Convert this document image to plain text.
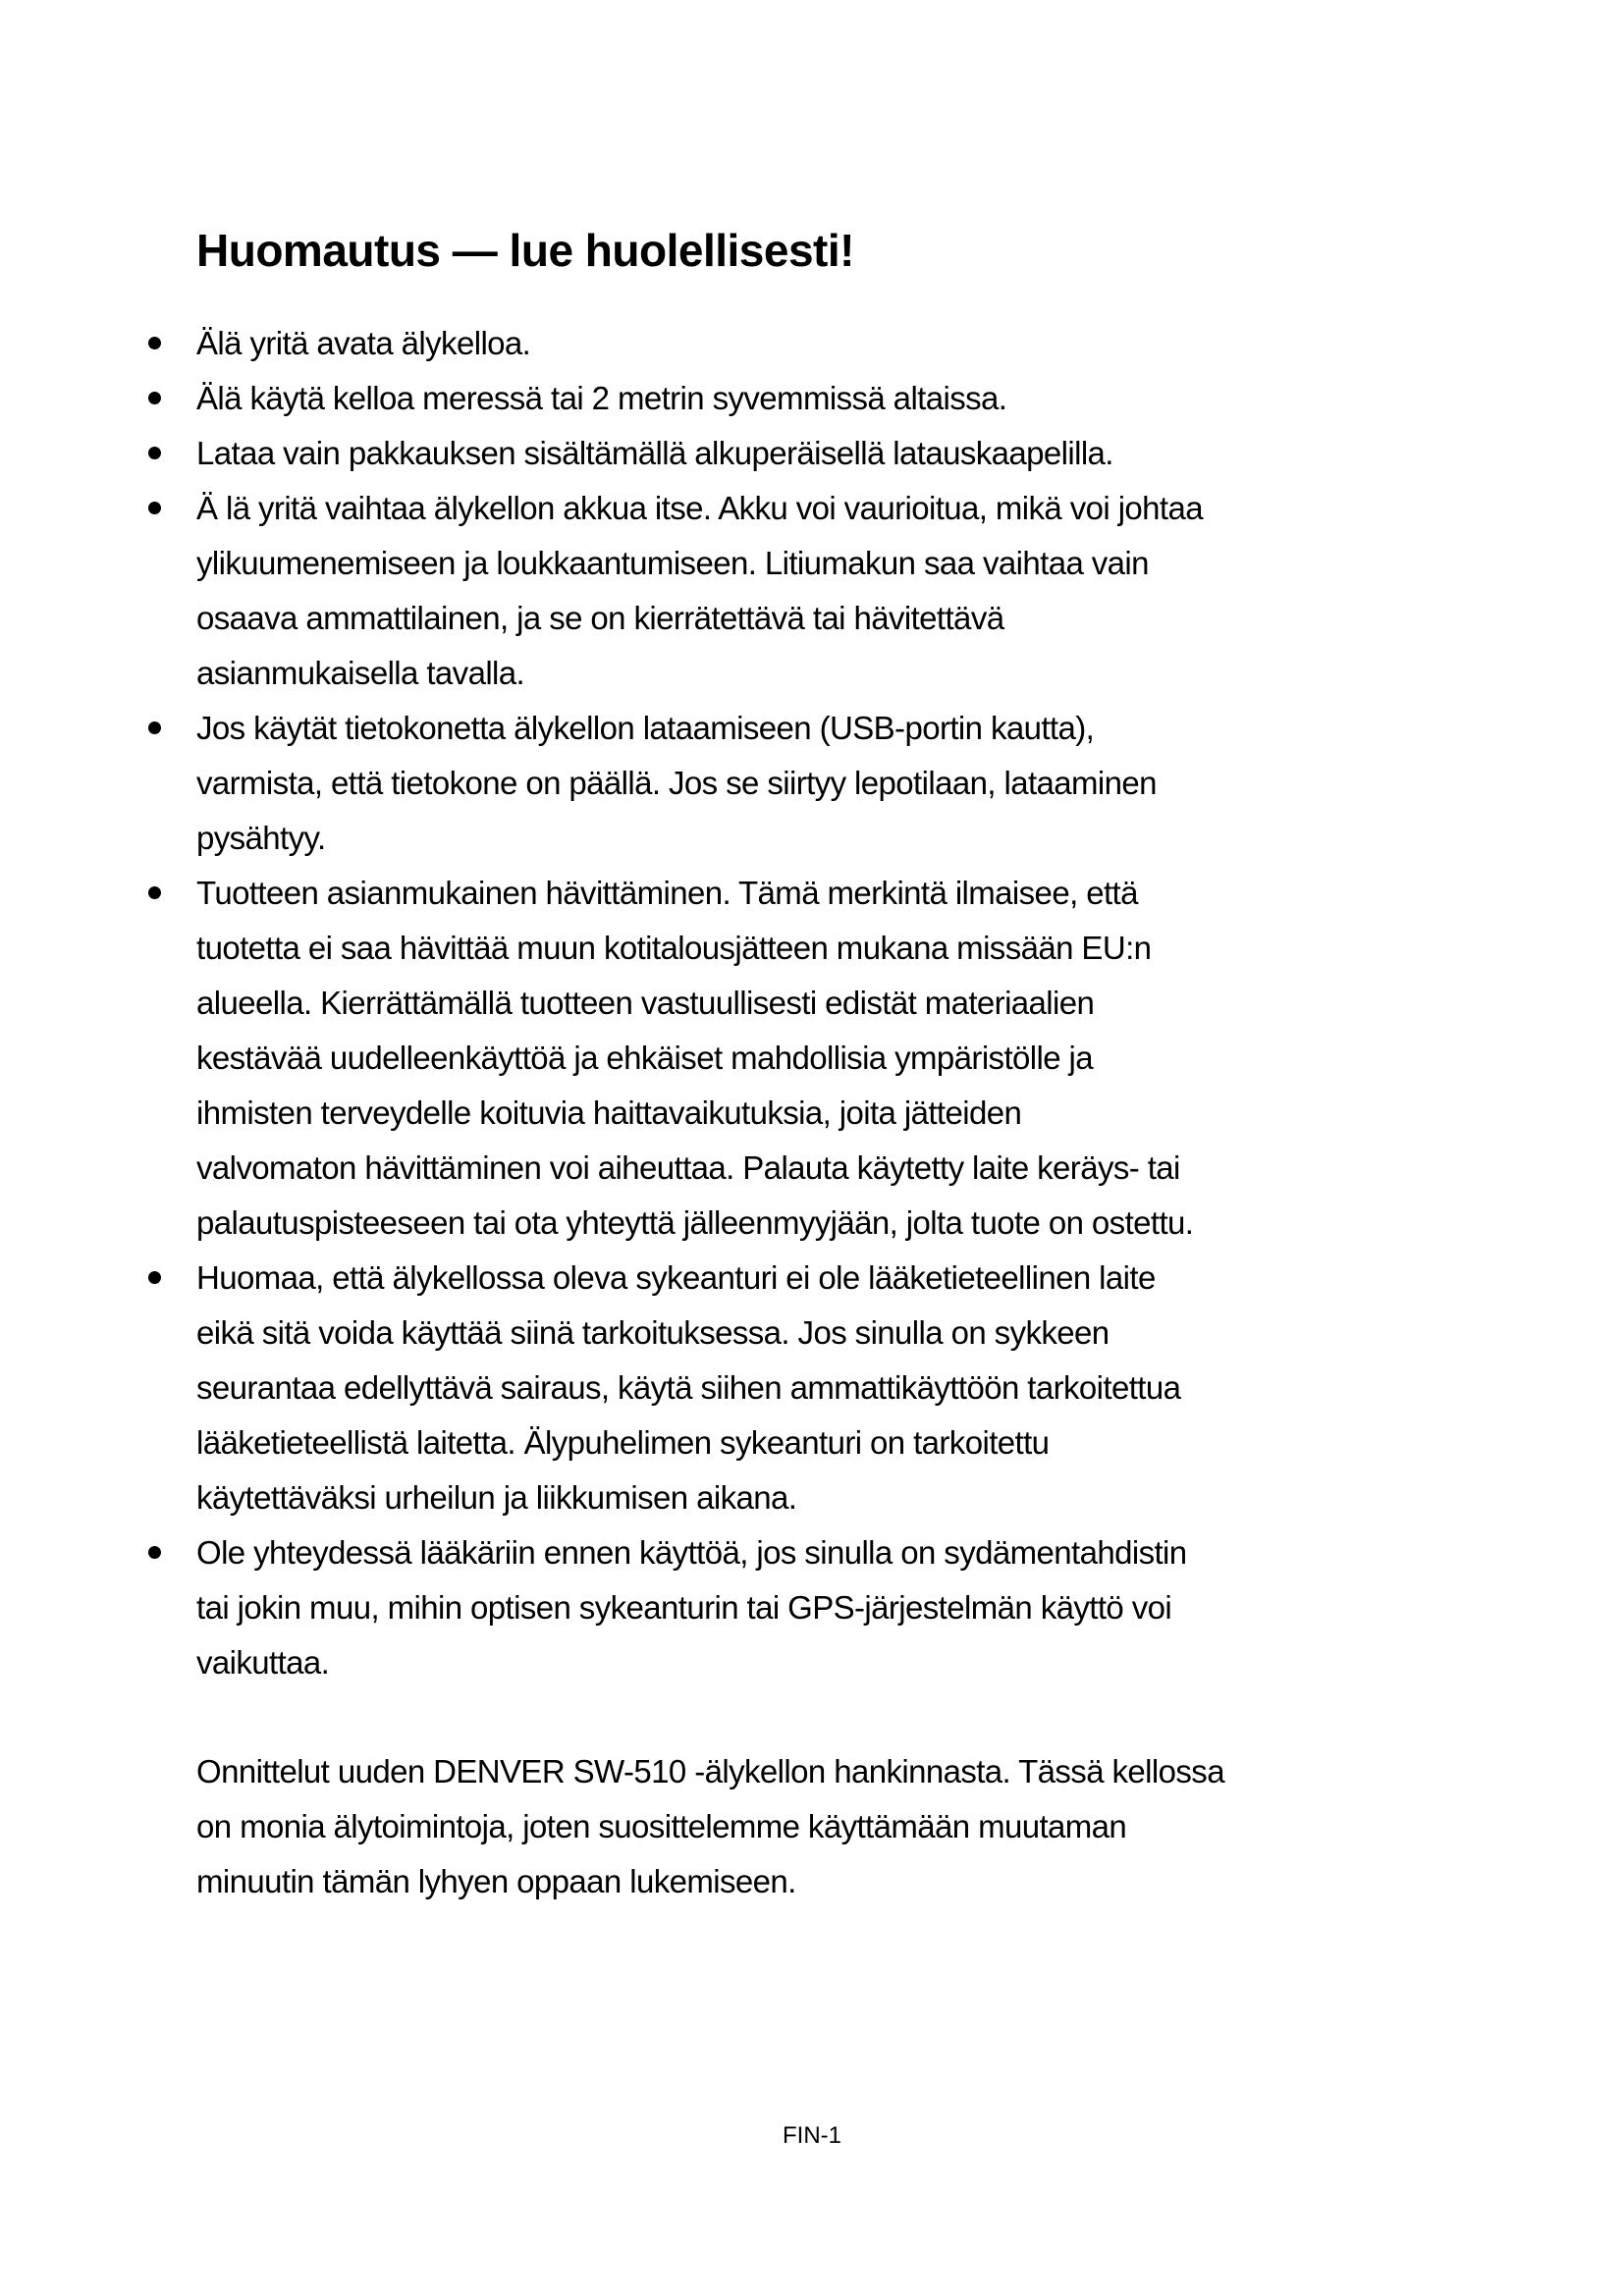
Huomautus — lue huolellisesti!
Älä yritä avata älykelloa.
Älä käytä kelloa meressä tai 2 metrin syvemmissä altaissa.
Lataa vain pakkauksen sisältämällä alkuperäisellä latauskaapelilla.
Ä lä yritä vaihtaa älykellon akkua itse. Akku voi vaurioitua, mikä voi johtaa
ylikuumenemiseen ja loukkaantumiseen. Litiumakun saa vaihtaa vain
osaava ammattilainen, ja se on kierrätettävä tai hävitettävä
asianmukaisella tavalla.
Jos käytät tietokonetta älykellon lataamiseen (USB-portin kautta),
varmista, että tietokone on päällä. Jos se siirtyy lepotilaan, lataaminen
pysähtyy.
Tuotteen asianmukainen hävittäminen. Tämä merkintä ilmaisee, että
tuotetta ei saa hävittää muun kotitalousjätteen mukana missään EU:n
alueella. Kierrättämällä tuotteen vastuullisesti edistät materiaalien
kestävää uudelleenkäyttöä ja ehkäiset mahdollisia ympäristölle ja
ihmisten terveydelle koituvia haittavaikutuksia, joita jätteiden
valvomaton hävittäminen voi aiheuttaa. Palauta käytetty laite keräys- tai
palautuspisteeseen tai ota yhteyttä jälleenmyyjään, jolta tuote on ostettu.
Huomaa, että älykellossa oleva sykeanturi ei ole lääketieteellinen laite
eikä sitä voida käyttää siinä tarkoituksessa. Jos sinulla on sykkeen
seurantaa edellyttävä sairaus, käytä siihen ammattikäyttöön tarkoitettua
lääketieteellistä laitetta. Älypuhelimen sykeanturi on tarkoitettu
käytettäväksi urheilun ja liikkumisen aikana.
Ole yhteydessä lääkäriin ennen käyttöä, jos sinulla on sydämentahdistin
tai jokin muu, mihin optisen sykeanturin tai GPS-järjestelmän käyttö voi
vaikuttaa.
Onnittelut uuden DENVER SW-510 -älykellon hankinnasta. Tässä kellossa
on monia älytoimintoja, joten suosittelemme käyttämään muutaman
minuutin tämän lyhyen oppaan lukemiseen.
FIN-1
